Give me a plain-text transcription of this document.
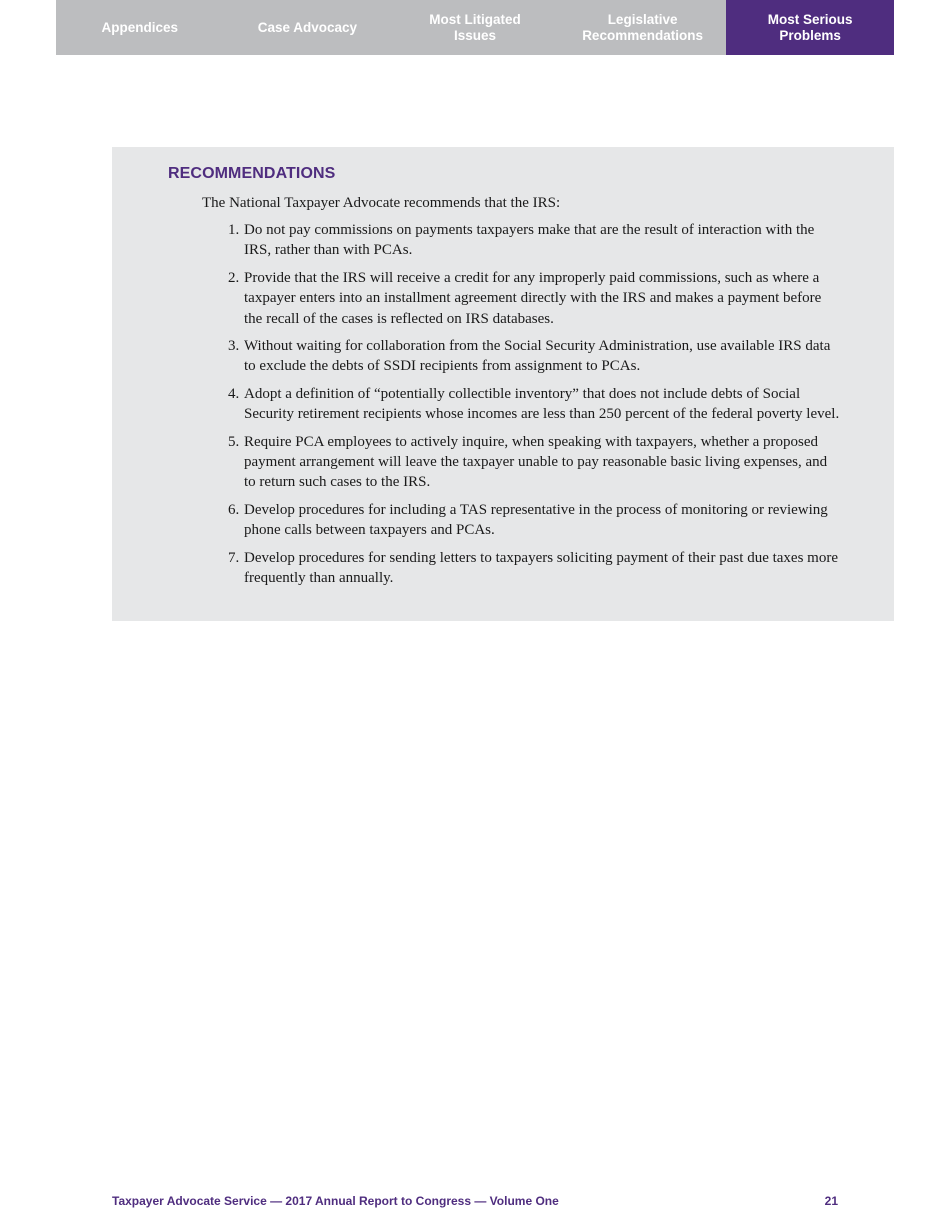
Appendices	Case Advocacy
Most Litigated
Issues
Legislative
Recommendations
Most Serious
Problems
RECOMMENDATIONS

The National Taxpayer Advocate recommends that the IRS:

1. Do not pay commissions on payments taxpayers make that are the result of interaction with the IRS, rather than with PCAs.
2. Provide that the IRS will receive a credit for any improperly paid commissions, such as where a taxpayer enters into an installment agreement directly with the IRS and makes a payment before the recall of the cases is reflected on IRS databases.
3. Without waiting for collaboration from the Social Security Administration, use available IRS data to exclude the debts of SSDI recipients from assignment to PCAs.
4. Adopt a definition of “potentially collectible inventory” that does not include debts of Social Security retirement recipients whose incomes are less than 250 percent of the federal poverty level.
5. Require PCA employees to actively inquire, when speaking with taxpayers, whether a proposed payment arrangement will leave the taxpayer unable to pay reasonable basic living expenses, and to return such cases to the IRS.
6. Develop procedures for including a TAS representative in the process of monitoring or reviewing phone calls between taxpayers and PCAs.
7. Develop procedures for sending letters to taxpayers soliciting payment of their past due taxes more frequently than annually.
Taxpayer Advocate Service — 2017 Annual Report to Congress — Volume One	21
